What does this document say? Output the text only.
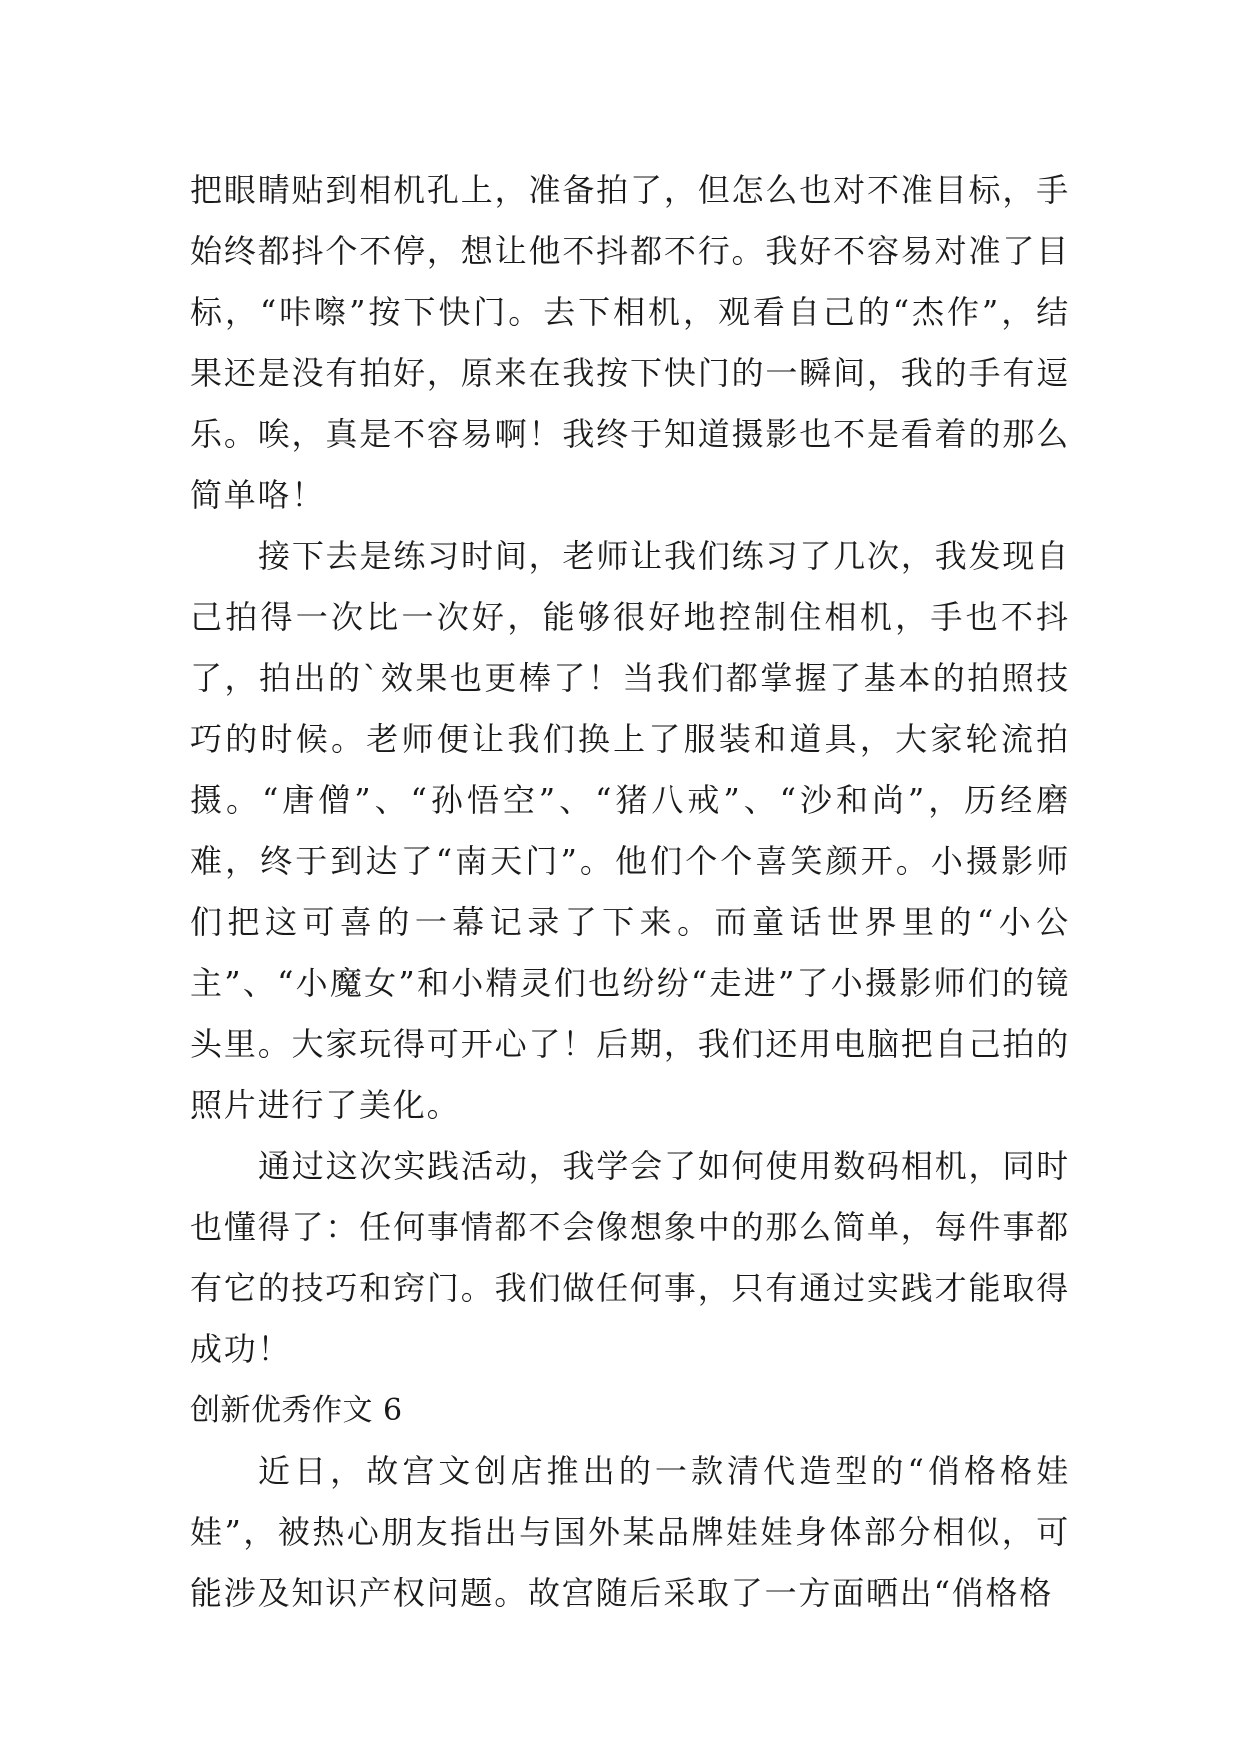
把眼睛贴到相机孔上，准备拍了，但怎么也对不准目标，手始终都抖个不停，想让他不抖都不行。我好不容易对准了目标，“咔嚓”按下快门。去下相机，观看自己的“杰作”，结果还是没有拍好，原来在我按下快门的一瞬间，我的手有逗乐。唉，真是不容易啊！我终于知道摄影也不是看着的那么简单咯！

接下去是练习时间，老师让我们练习了几次，我发现自己拍得一次比一次好，能够很好地控制住相机，手也不抖了，拍出的`效果也更棒了！当我们都掌握了基本的拍照技巧的时候。老师便让我们换上了服装和道具，大家轮流拍摄。“唐僧”、“孙悟空”、“猪八戒”、“沙和尚”，历经磨难，终于到达了“南天门”。他们个个喜笑颜开。小摄影师们把这可喜的一幕记录了下来。而童话世界里的“小公主”、“小魔女”和小精灵们也纷纷“走进”了小摄影师们的镜头里。大家玩得可开心了！后期，我们还用电脑把自己拍的照片进行了美化。

通过这次实践活动，我学会了如何使用数码相机，同时也懂得了：任何事情都不会像想象中的那么简单，每件事都有它的技巧和窍门。我们做任何事，只有通过实践才能取得成功！

创新优秀作文 6

近日，故宫文创店推出的一款清代造型的“俏格格娃娃”，被热心朋友指出与国外某品牌娃娃身体部分相似，可能涉及知识产权问题。故宫随后采取了一方面晒出“俏格格
